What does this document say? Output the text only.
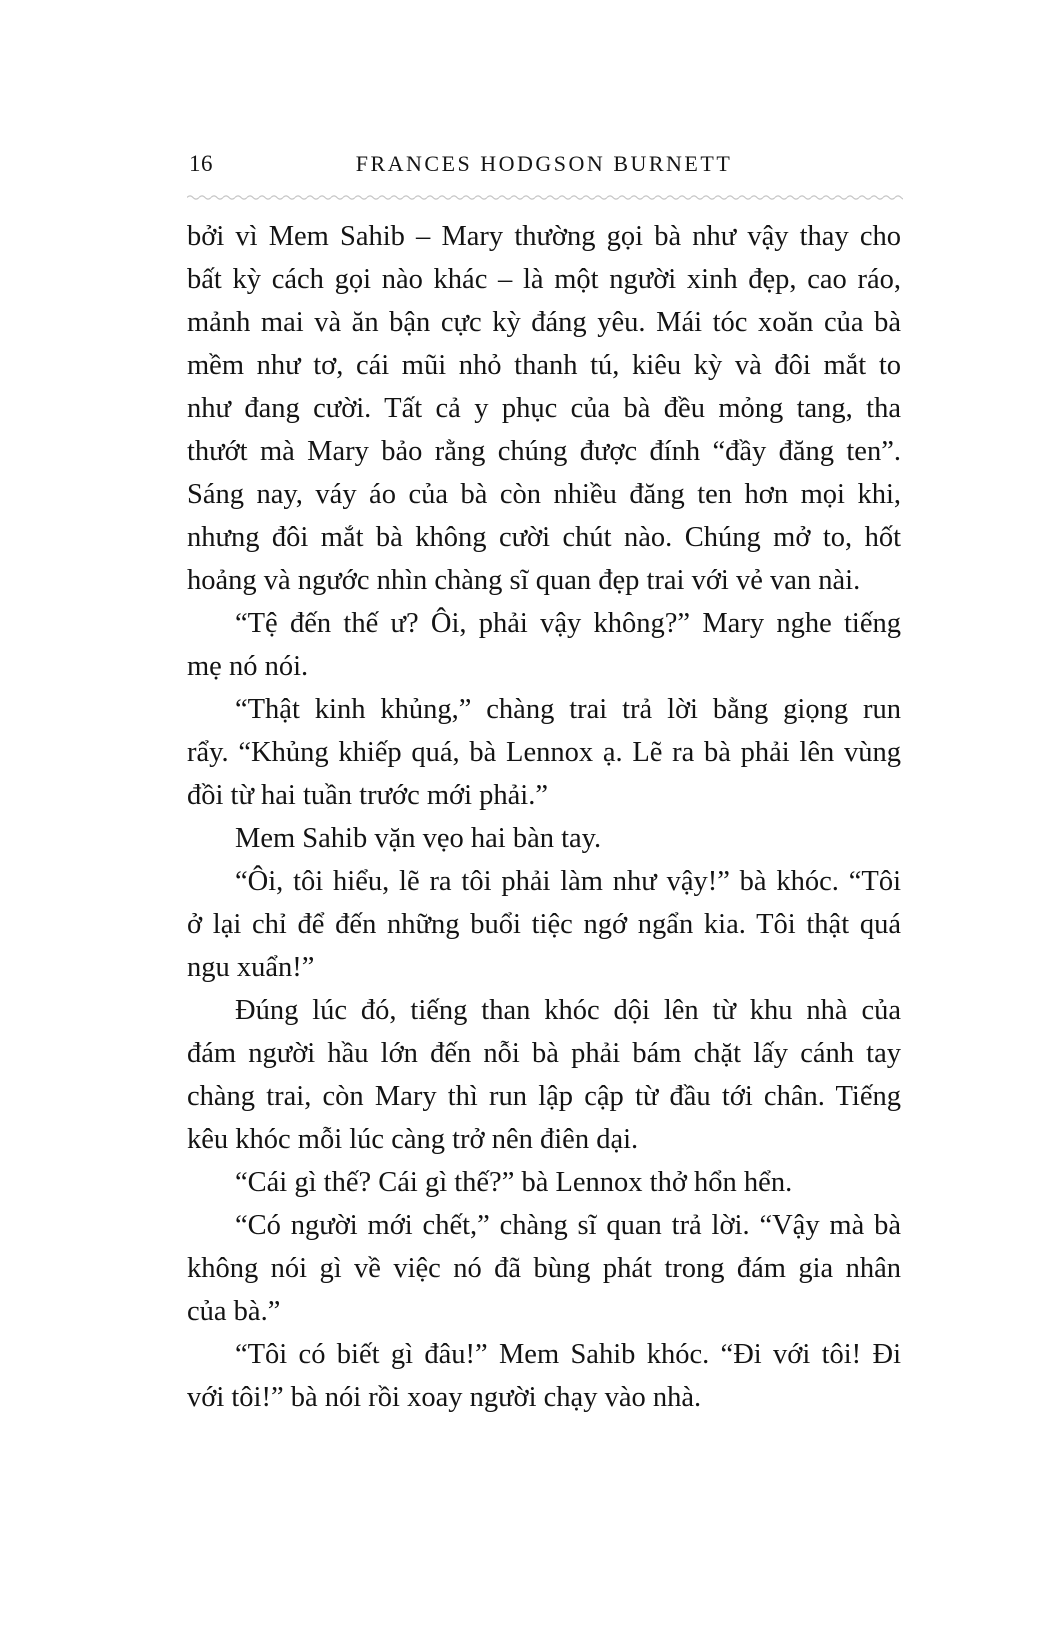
16	FRANCES HODGSON BURNETT
bởi vì Mem Sahib – Mary thường gọi bà như vậy thay cho
bất kỳ cách gọi nào khác – là một người xinh đẹp, cao ráo,
mảnh mai và ăn bận cực kỳ đáng yêu. Mái tóc xoăn của bà
mềm như tơ, cái mũi nhỏ thanh tú, kiêu kỳ và đôi mắt to
như đang cười. Tất cả y phục của bà đều mỏng tang, tha
thướt mà Mary bảo rằng chúng được đính “đầy đăng ten”.
Sáng nay, váy áo của bà còn nhiều đăng ten hơn mọi khi,
nhưng đôi mắt bà không cười chút nào. Chúng mở to, hốt
hoảng và ngước nhìn chàng sĩ quan đẹp trai với vẻ van nài.
“Tệ đến thế ư? Ôi, phải vậy không?” Mary nghe tiếng
mẹ nó nói.
“Thật kinh khủng,” chàng trai trả lời bằng giọng run
rẩy. “Khủng khiếp quá, bà Lennox ạ. Lẽ ra bà phải lên vùng
đồi từ hai tuần trước mới phải.”
Mem Sahib vặn vẹo hai bàn tay.
“Ôi, tôi hiểu, lẽ ra tôi phải làm như vậy!” bà khóc. “Tôi
ở lại chỉ để đến những buổi tiệc ngớ ngẩn kia. Tôi thật quá
ngu xuẩn!”
Đúng lúc đó, tiếng than khóc dội lên từ khu nhà của
đám người hầu lớn đến nỗi bà phải bám chặt lấy cánh tay
chàng trai, còn Mary thì run lập cập từ đầu tới chân. Tiếng
kêu khóc mỗi lúc càng trở nên điên dại.
“Cái gì thế? Cái gì thế?” bà Lennox thở hổn hển.
“Có người mới chết,” chàng sĩ quan trả lời. “Vậy mà bà
không nói gì về việc nó đã bùng phát trong đám gia nhân
của bà.”
“Tôi có biết gì đâu!” Mem Sahib khóc. “Đi với tôi! Đi
với tôi!” bà nói rồi xoay người chạy vào nhà.
